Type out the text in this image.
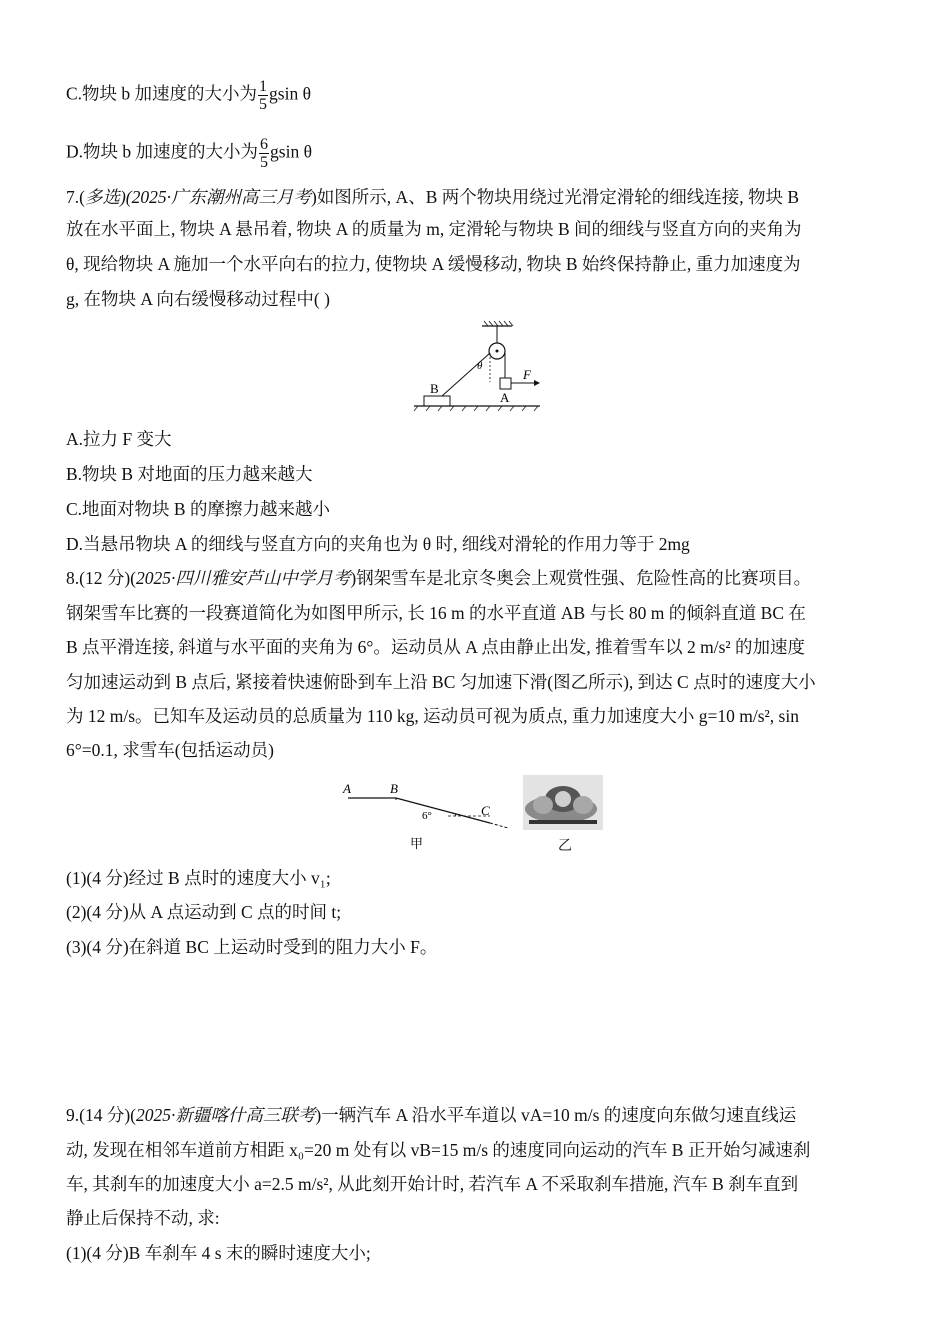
C.物块 b 加速度的大小为 $\frac{1}{5}$ gsin θ
D.物块 b 加速度的大小为 $\frac{6}{5}$ gsin θ
7.(多选)(2025·广东潮州高三月考)如图所示, A、B 两个物块用绕过光滑定滑轮的细线连接, 物块 B
放在水平面上, 物块 A 悬吊着, 物块 A 的质量为 m, 定滑轮与物块 B 间的细线与竖直方向的夹角为
θ, 现给物块 A 施加一个水平向右的拉力, 使物块 A 缓慢移动, 物块 B 始终保持静止, 重力加速度为
g, 在物块 A 向右缓慢移动过程中( )
B
A
F
θ
A.拉力 F 变大
B.物块 B 对地面的压力越来越大
C.地面对物块 B 的摩擦力越来越小
D.当悬吊物块 A 的细线与竖直方向的夹角也为 θ 时, 细线对滑轮的作用力等于 2mg
8.(12 分)(2025·四川雅安芦山中学月考)钢架雪车是北京冬奥会上观赏性强、危险性高的比赛项目。
钢架雪车比赛的一段赛道简化为如图甲所示, 长 16 m 的水平直道 AB 与长 80 m 的倾斜直道 BC 在
B 点平滑连接, 斜道与水平面的夹角为 6°。运动员从 A 点由静止出发, 推着雪车以 2 m/s² 的加速度
匀加速运动到 B 点后, 紧接着快速俯卧到车上沿 BC 匀加速下滑(图乙所示), 到达 C 点时的速度大小
为 12 m/s。已知车及运动员的总质量为 110 kg, 运动员可视为质点, 重力加速度大小 g=10 m/s², sin
6°=0.1, 求雪车(包括运动员)
A	B
C
6°
甲	乙
(1)(4 分)经过 B 点时的速度大小 v₁;
(2)(4 分)从 A 点运动到 C 点的时间 t;
(3)(4 分)在斜道 BC 上运动时受到的阻力大小 F。
9.(14 分)(2025·新疆喀什高三联考)一辆汽车 A 沿水平车道以 vA=10 m/s 的速度向东做匀速直线运
动, 发现在相邻车道前方相距 x₀=20 m 处有以 vB=15 m/s 的速度同向运动的汽车 B 正开始匀减速刹
车, 其刹车的加速度大小 a=2.5 m/s², 从此刻开始计时, 若汽车 A 不采取刹车措施, 汽车 B 刹车直到
静止后保持不动, 求:
(1)(4 分)B 车刹车 4 s 末的瞬时速度大小;
